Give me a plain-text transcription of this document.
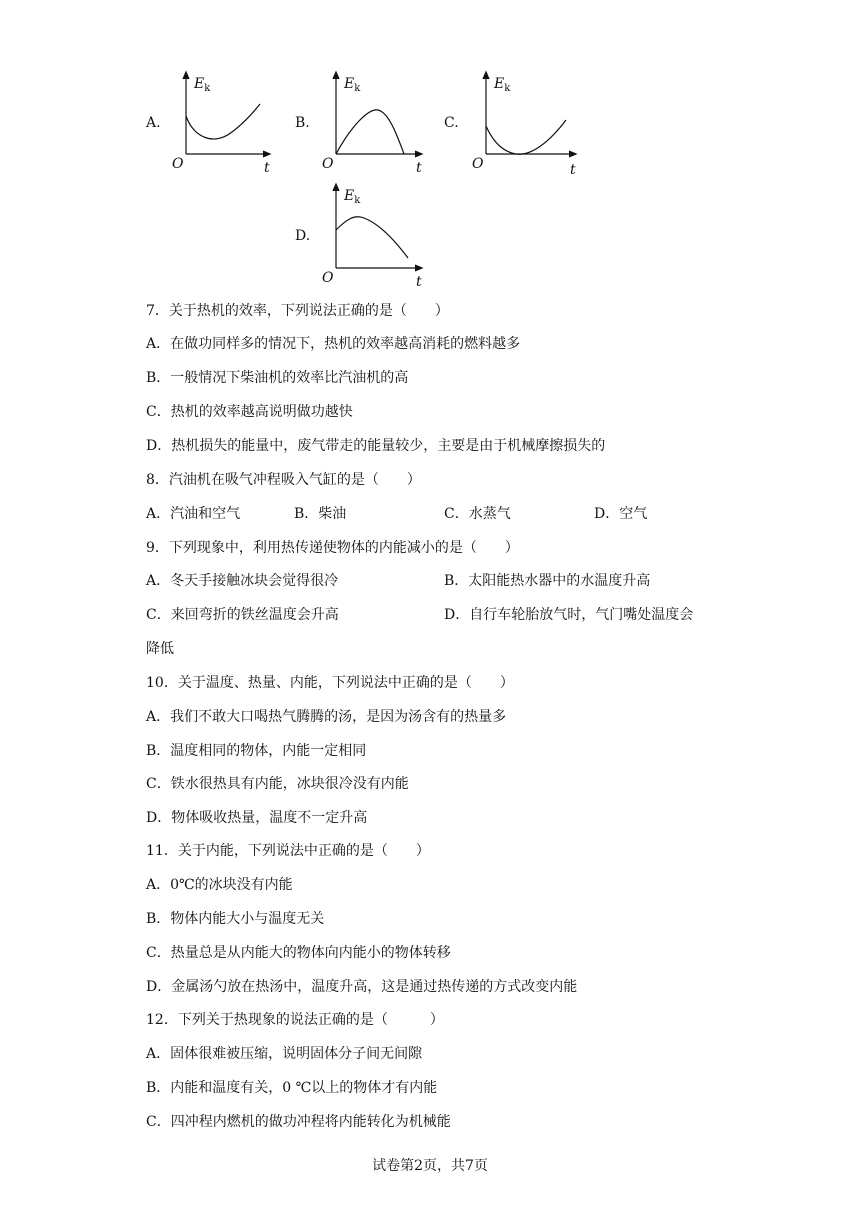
A.	B.	C.
D.
$E_k$
O	t
$E_k$
O	t
$E_k$
O	t
$E_k$
O	t
7．关于热机的效率，下列说法正确的是（　　）
A．在做功同样多的情况下，热机的效率越高消耗的燃料越多
B．一般情况下柴油机的效率比汽油机的高
C．热机的效率越高说明做功越快
D．热机损失的能量中，废气带走的能量较少，主要是由于机械摩擦损失的
8．汽油机在吸气冲程吸入气缸的是（　　）
A．汽油和空气	B．柴油	C．水蒸气	D．空气
9．下列现象中，利用热传递使物体的内能减小的是（　　）
A．冬天手接触冰块会觉得很冷	B．太阳能热水器中的水温度升高
C．来回弯折的铁丝温度会升高	D．自行车轮胎放气时，气门嘴处温度会
降低
10．关于温度、热量、内能，下列说法中正确的是（　　）
A．我们不敢大口喝热气腾腾的汤，是因为汤含有的热量多
B．温度相同的物体，内能一定相同
C．铁水很热具有内能，冰块很冷没有内能
D．物体吸收热量，温度不一定升高
11．关于内能，下列说法中正确的是（　　）
A．0℃的冰块没有内能
B．物体内能大小与温度无关
C．热量总是从内能大的物体向内能小的物体转移
D．金属汤勺放在热汤中，温度升高，这是通过热传递的方式改变内能
12．下列关于热现象的说法正确的是（　　　）
A．固体很难被压缩，说明固体分子间无间隙
B．内能和温度有关，0 ℃以上的物体才有内能
C．四冲程内燃机的做功冲程将内能转化为机械能
试卷第2页，共7页
